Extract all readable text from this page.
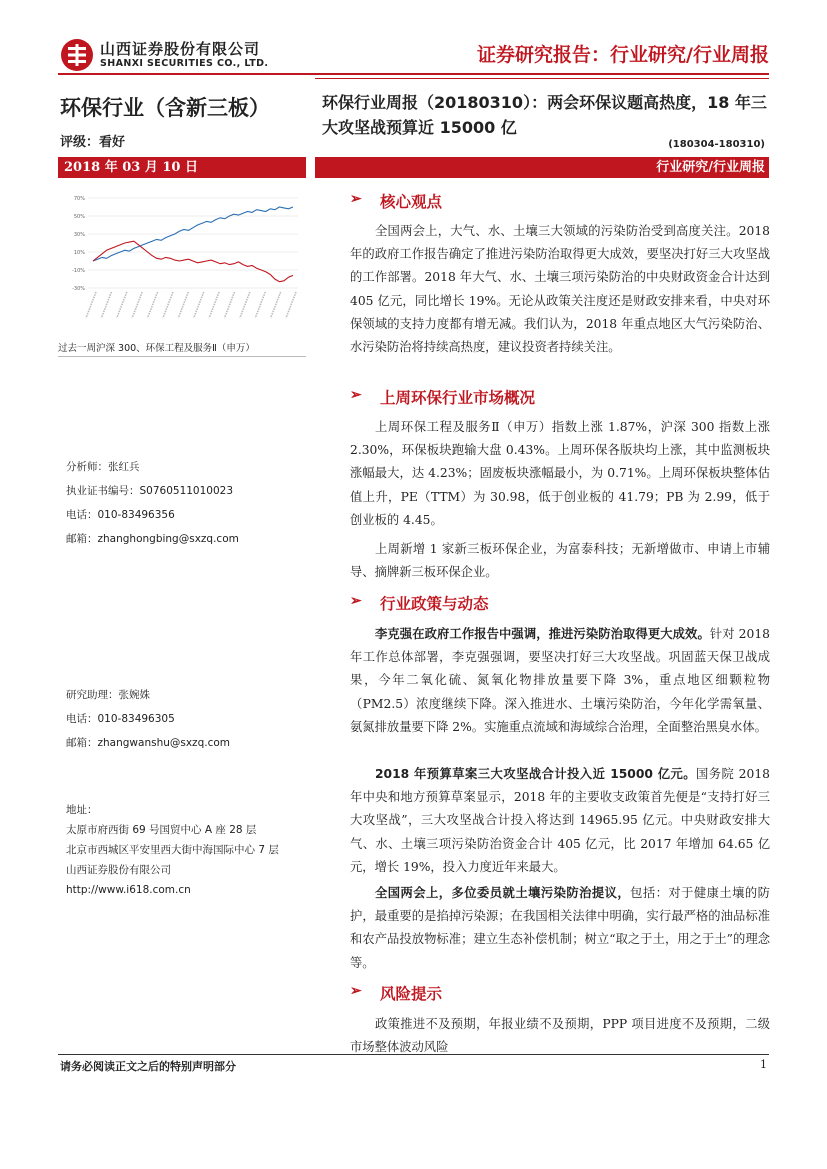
山西证券股份有限公司
SHANXI SECURITIES CO., LTD.	证券研究报告：行业研究/行业周报
环保行业（含新三板）
评级：看好
2018 年 03 月 10 日
70%
50%
30%
10%
-10%
-30%
过去一周沪深 300、环保工程及服务Ⅱ（申万）
分析师：张红兵
执业证书编号：S0760511010023
电话：010-83496356
邮箱：zhanghongbing@sxzq.com
研究助理：张婉姝
电话：010-83496305
邮箱：zhangwanshu@sxzq.com
地址：
太原市府西街 69 号国贸中心 A 座 28 层
北京市西城区平安里西大街中海国际中心 7 层
山西证券股份有限公司
http://www.i618.com.cn
环保行业周报（20180310）：两会环保议题高热度，18 年三大攻坚战预算近 15000 亿
(180304-180310)
行业研究/行业周报
➢ 核心观点
全国两会上，大气、水、土壤三大领域的污染防治受到高度关注。2018 年的政府工作报告确定了推进污染防治取得更大成效，要坚决打好三大攻坚战的工作部署。2018 年大气、水、土壤三项污染防治的中央财政资金合计达到 405 亿元，同比增长 19%。无论从政策关注度还是财政安排来看，中央对环保领域的支持力度都有增无减。我们认为，2018 年重点地区大气污染防治、水污染防治将持续高热度，建议投资者持续关注。
➢ 上周环保行业市场概况
上周环保工程及服务Ⅱ（申万）指数上涨 1.87%，沪深 300 指数上涨 2.30%，环保板块跑输大盘 0.43%。上周环保各版块均上涨，其中监测板块涨幅最大，达 4.23%；固废板块涨幅最小，为 0.71%。上周环保板块整体估值上升，PE（TTM）为 30.98，低于创业板的 41.79；PB 为 2.99，低于创业板的 4.45。
上周新增 1 家新三板环保企业，为富泰科技；无新增做市、申请上市辅导、摘牌新三板环保企业。
➢ 行业政策与动态
李克强在政府工作报告中强调，推进污染防治取得更大成效。针对 2018 年工作总体部署，李克强强调，要坚决打好三大攻坚战。巩固蓝天保卫战成果，今年二氧化硫、氮氧化物排放量要下降 3%，重点地区细颗粒物（PM2.5）浓度继续下降。深入推进水、土壤污染防治，今年化学需氧量、氨氮排放量要下降 2%。实施重点流域和海域综合治理，全面整治黑臭水体。
2018 年预算草案三大攻坚战合计投入近 15000 亿元。国务院 2018 年中央和地方预算草案显示，2018 年的主要收支政策首先便是“支持打好三大攻坚战”，三大攻坚战合计投入将达到 14965.95 亿元。中央财政安排大气、水、土壤三项污染防治资金合计 405 亿元，比 2017 年增加 64.65 亿元，增长 19%，投入力度近年来最大。
全国两会上，多位委员就土壤污染防治提议，包括：对于健康土壤的防护，最重要的是掐掉污染源；在我国相关法律中明确，实行最严格的油品标准和农产品投放物标准；建立生态补偿机制；树立“取之于土，用之于土”的理念等。
➢ 风险提示
政策推进不及预期，年报业绩不及预期，PPP 项目进度不及预期，二级市场整体波动风险
请务必阅读正文之后的特别声明部分	1
